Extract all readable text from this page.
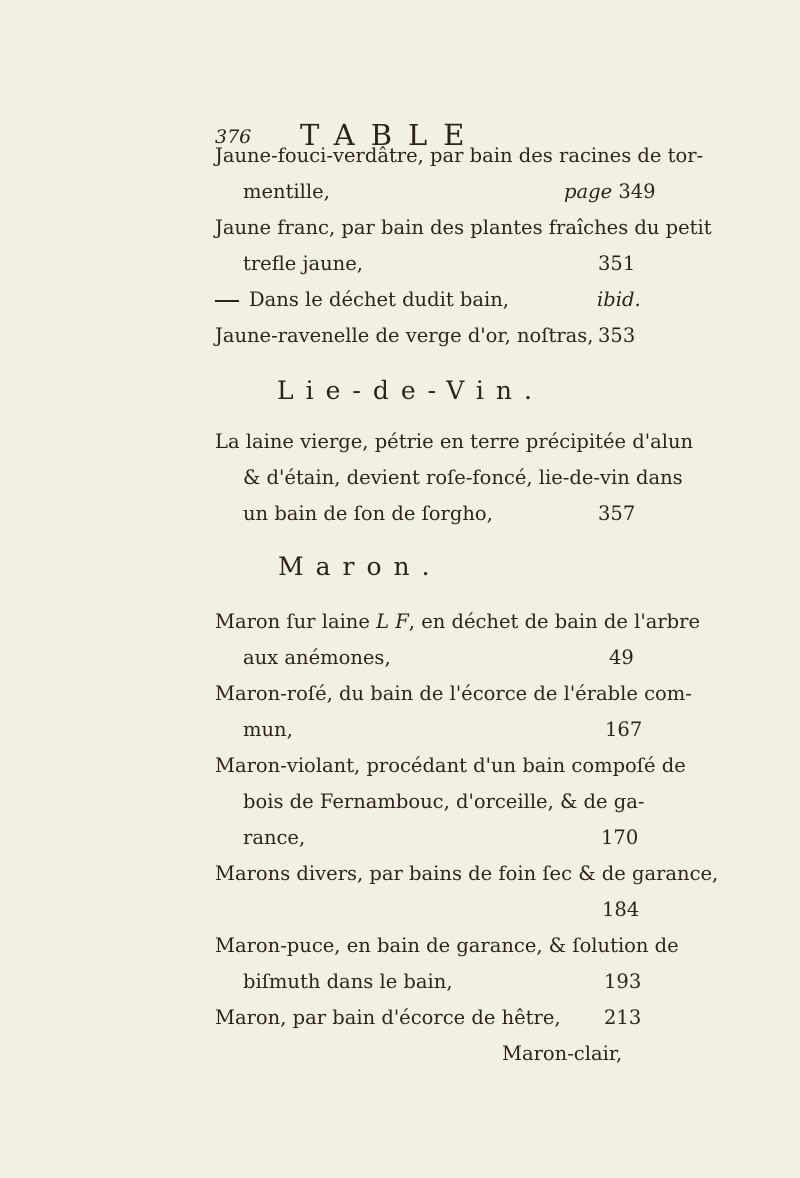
376 TABLE
Jaune-fouci-verdâtre, par bain des racines de tor-
mentille,	page 349
Jaune franc, par bain des plantes fraîches du petit
trefle jaune,	351
Dans le déchet dudit bain,	ibid.
Jaune-ravenelle de verge d'or, noſtras, 353
Lie-de-Vin.
La laine vierge, pétrie en terre précipitée d'alun
& d'étain, devient roſe-foncé, lie-de-vin dans
un bain de ſon de ſorgho,	357
Maron.
Maron ſur laine L F, en déchet de bain de l'arbre
aux anémones,	49
Maron-roſé, du bain de l'écorce de l'érable com-
mun,	167
Maron-violant, procédant d'un bain compoſé de
bois de Fernambouc, d'orceille, & de ga-
rance,	170
Marons divers, par bains de foin ſec & de garance,
184
Maron-puce, en bain de garance, & ſolution de
biſmuth dans le bain,	193
Maron, par bain d'écorce de hêtre, 213
Maron-clair,
